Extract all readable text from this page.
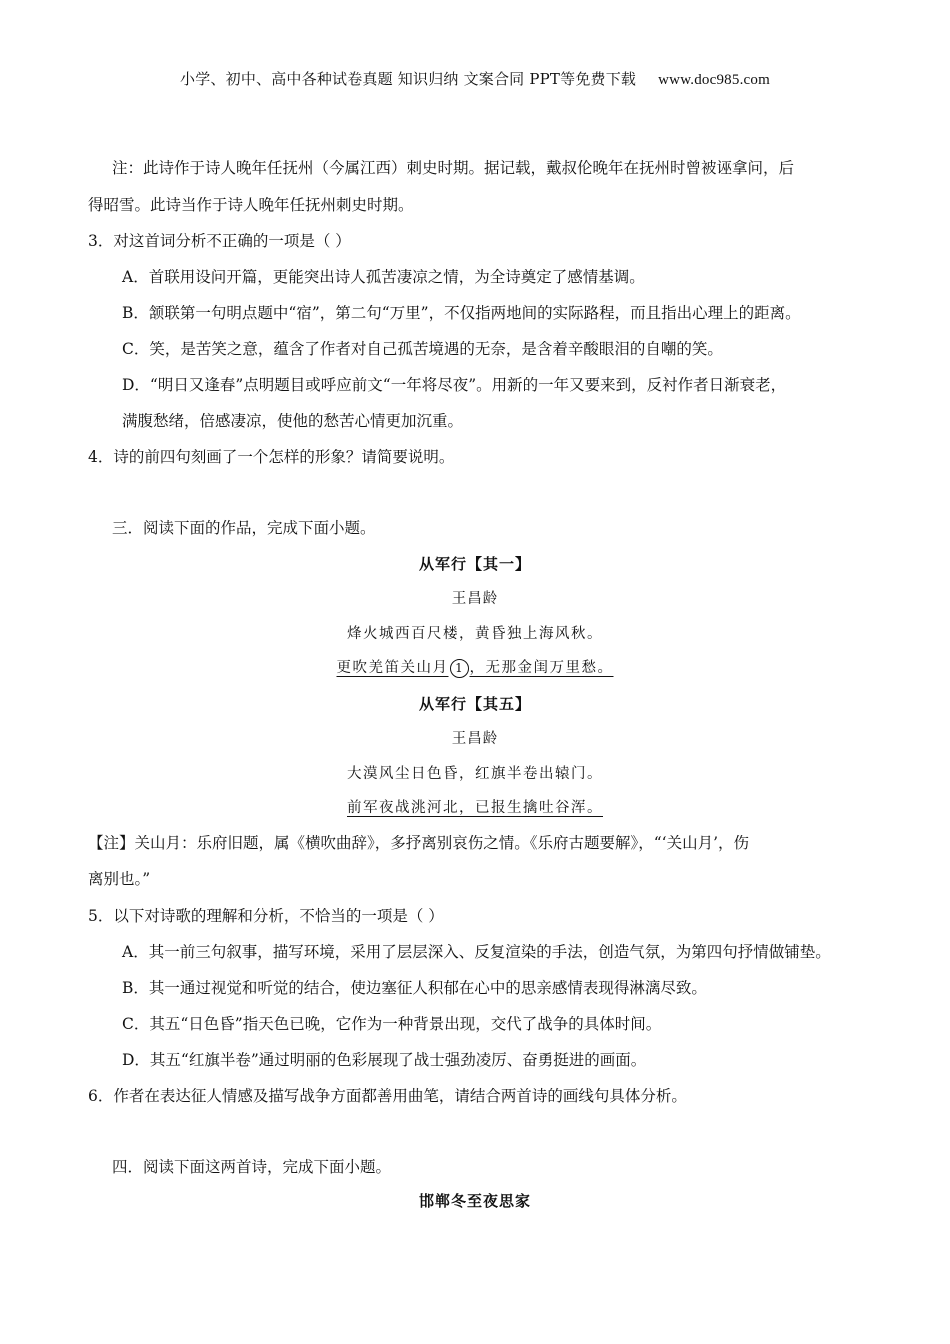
小学、初中、高中各种试卷真题 知识归纳 文案合同 PPT等免费下载 www.doc985.com
注：此诗作于诗人晚年任抚州（今属江西）刺史时期。据记载，戴叔伦晚年在抚州时曾被诬拿问，后
得昭雪。此诗当作于诗人晚年任抚州刺史时期。
3．对这首词分析不正确的一项是（ ）
A．首联用设问开篇，更能突出诗人孤苦凄凉之情，为全诗奠定了感情基调。
B．颔联第一句明点题中“宿”，第二句“万里”，不仅指两地间的实际路程，而且指出心理上的距离。
C．笑，是苦笑之意，蕴含了作者对自己孤苦境遇的无奈，是含着辛酸眼泪的自嘲的笑。
D．“明日又逢春”点明题目或呼应前文“一年将尽夜”。用新的一年又要来到，反衬作者日渐衰老，
满腹愁绪，倍感凄凉，使他的愁苦心情更加沉重。
4．诗的前四句刻画了一个怎样的形象？请简要说明。
三．阅读下面的作品，完成下面小题。
从军行【其一】
王昌龄
烽火城西百尺楼，黄昏独上海风秋。
更吹羌笛关山月 1 ，无那金闺万里愁。
从军行【其五】
王昌龄
大漠风尘日色昏，红旗半卷出辕门。
前军夜战洮河北，已报生擒吐谷浑。
【注】关山月：乐府旧题，属《横吹曲辞》，多抒离别哀伤之情。《乐府古题要解》，“‘关山月’，伤
离别也。”
5．以下对诗歌的理解和分析，不恰当的一项是（ ）
A．其一前三句叙事，描写环境，采用了层层深入、反复渲染的手法，创造气氛，为第四句抒情做铺垫。
B．其一通过视觉和听觉的结合，使边塞征人积郁在心中的思亲感情表现得淋漓尽致。
C．其五“日色昏”指天色已晚，它作为一种背景出现，交代了战争的具体时间。
D．其五“红旗半卷”通过明丽的色彩展现了战士强劲凌厉、奋勇挺进的画面。
6．作者在表达征人情感及描写战争方面都善用曲笔，请结合两首诗的画线句具体分析。
四．阅读下面这两首诗，完成下面小题。
邯郸冬至夜思家
